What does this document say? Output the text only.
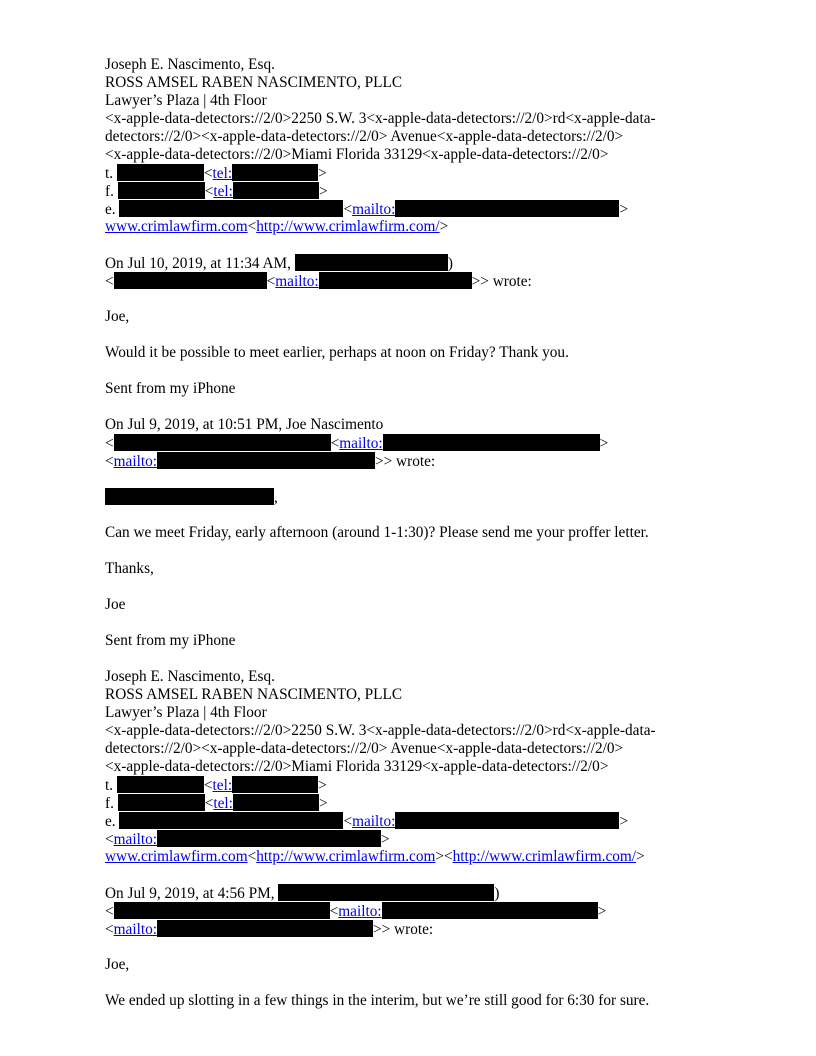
Joseph E. Nascimento, Esq.
ROSS AMSEL RABEN NASCIMENTO, PLLC
Lawyer’s Plaza | 4th Floor
<x-apple-data-detectors://2/0>2250 S.W. 3<x-apple-data-detectors://2/0>rd<x-apple-data-
detectors://2/0><x-apple-data-detectors://2/0> Avenue<x-apple-data-detectors://2/0>
<x-apple-data-detectors://2/0>Miami Florida 33129<x-apple-data-detectors://2/0>
t.	<tel:	>
f.	<tel:	>
e.	<mailto:	>
www.crimlawfirm.com<http://www.crimlawfirm.com/>
On Jul 10, 2019, at 11:34 AM,	)
<	<mailto:	>> wrote:
Joe,
Would it be possible to meet earlier, perhaps at noon on Friday? Thank you.
Sent from my iPhone
On Jul 9, 2019, at 10:51 PM, Joe Nascimento
<	<mailto:	>
<mailto:	>> wrote:
,
Can we meet Friday, early afternoon (around 1-1:30)? Please send me your proffer letter.
Thanks,
Joe
Sent from my iPhone
Joseph E. Nascimento, Esq.
ROSS AMSEL RABEN NASCIMENTO, PLLC
Lawyer’s Plaza | 4th Floor
<x-apple-data-detectors://2/0>2250 S.W. 3<x-apple-data-detectors://2/0>rd<x-apple-data-
detectors://2/0><x-apple-data-detectors://2/0> Avenue<x-apple-data-detectors://2/0>
<x-apple-data-detectors://2/0>Miami Florida 33129<x-apple-data-detectors://2/0>
t.	<tel:	>
f.	<tel:	>
e.	<mailto:	>
<mailto:	>
www.crimlawfirm.com<http://www.crimlawfirm.com><http://www.crimlawfirm.com/>
On Jul 9, 2019, at 4:56 PM,	)
<	<mailto:	>
<mailto:	>> wrote:
Joe,
We ended up slotting in a few things in the interim, but we’re still good for 6:30 for sure.
